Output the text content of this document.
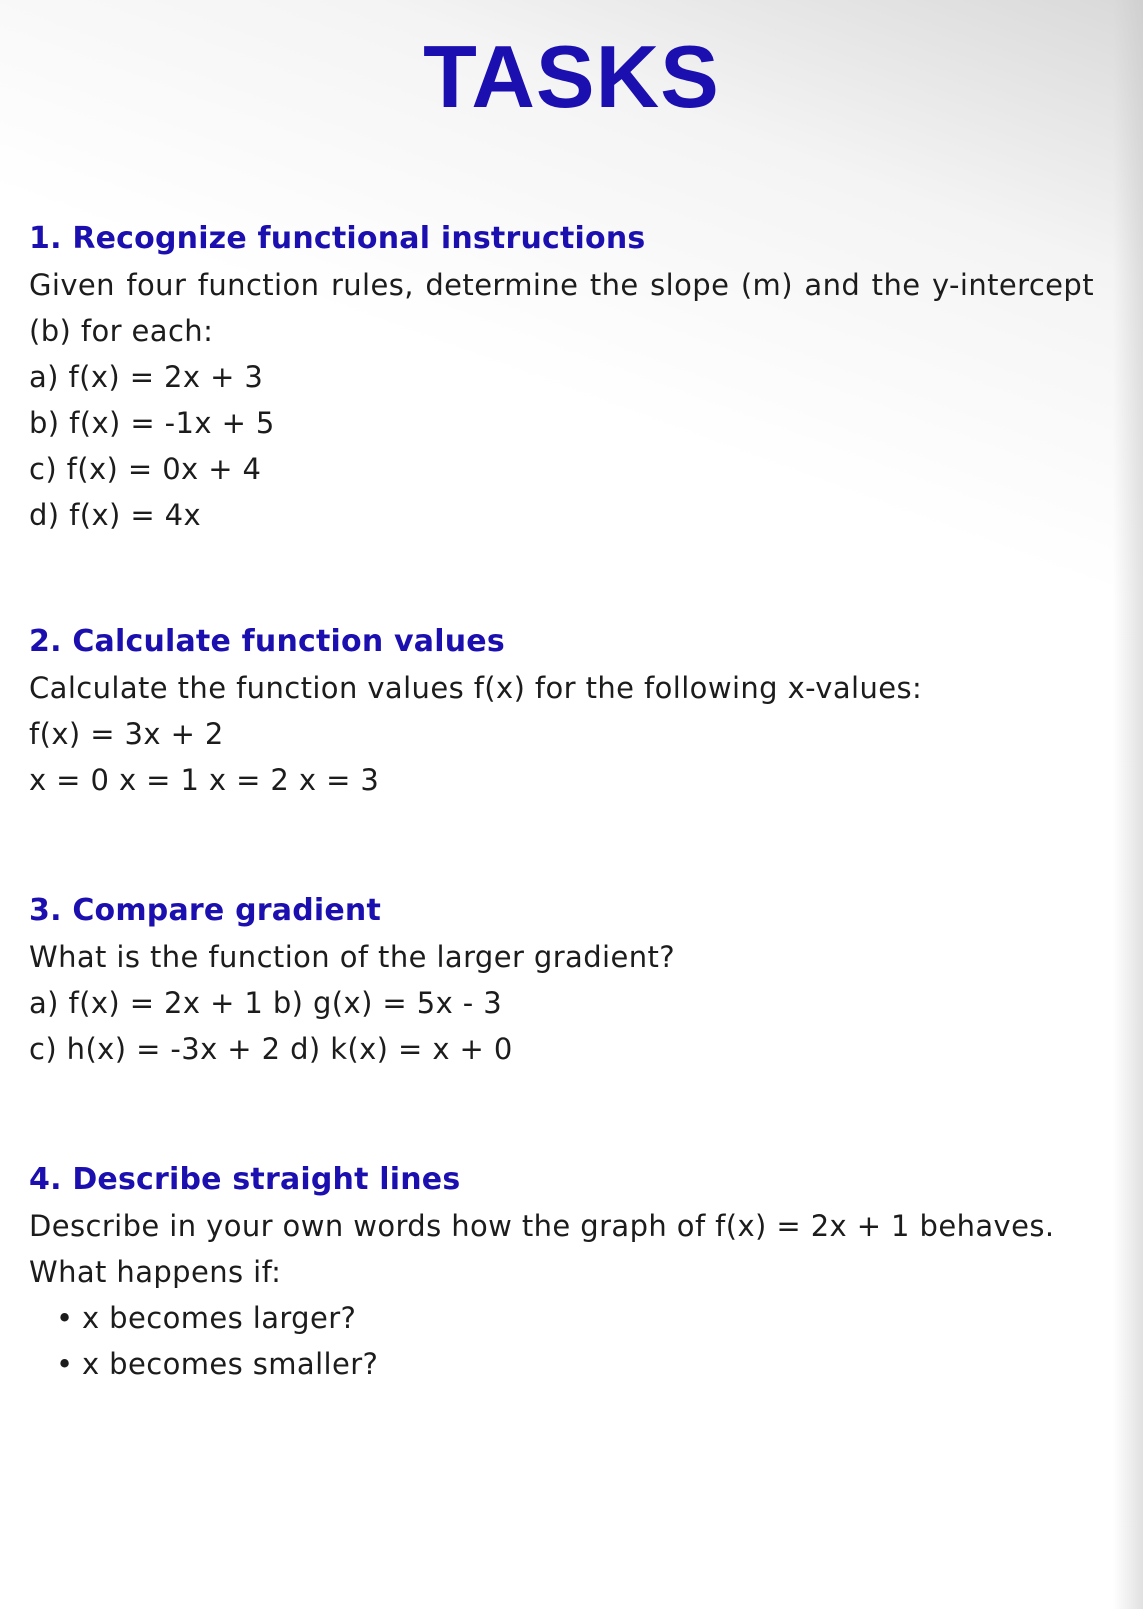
TASKS
1. Recognize functional instructions
Given four function rules, determine the slope (m) and the y-intercept (b) for each:
a) f(x) = 2x + 3
b) f(x) = -1x + 5
c) f(x) = 0x + 4
d) f(x) = 4x
2. Calculate function values
Calculate the function values f(x) for the following x-values:
f(x) = 3x + 2
x = 0 x = 1 x = 2 x = 3
3. Compare gradient
What is the function of the larger gradient?
a) f(x) = 2x + 1 b) g(x) = 5x - 3
c) h(x) = -3x + 2 d) k(x) = x + 0
4. Describe straight lines
Describe in your own words how the graph of f(x) = 2x + 1 behaves.
What happens if:
• x becomes larger?
• x becomes smaller?
